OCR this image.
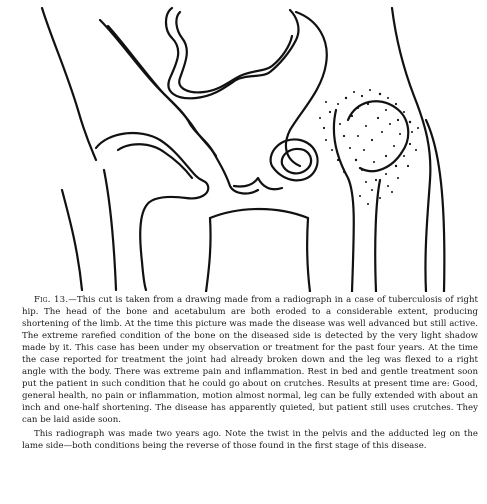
Fig. 13.—This cut is taken from a drawing made from a radiograph in a case of tuberculosis of right hip. The head of the bone and acetabulum are both eroded to a considerable extent, producing shortening of the limb. At the time this picture was made the disease was well advanced but still active. The extreme rarefied condition of the bone on the diseased side is detected by the very light shadow made by it. This case has been under my observation or treatment for the past four years. At the time the case reported for treatment the joint had already broken down and the leg was flexed to a right angle with the body. There was extreme pain and inflammation. Rest in bed and gentle treatment soon put the patient in such condition that he could go about on crutches. Results at present time are: Good, general health, no pain or inflammation, motion almost normal, leg can be fully extended with about an inch and one-half shortening. The disease has apparently quieted, but patient still uses crutches. They can be laid aside soon.

This radiograph was made two years ago. Note the twist in the pelvis and the adducted leg on the lame side—both conditions being the reverse of those found in the first stage of this disease.
